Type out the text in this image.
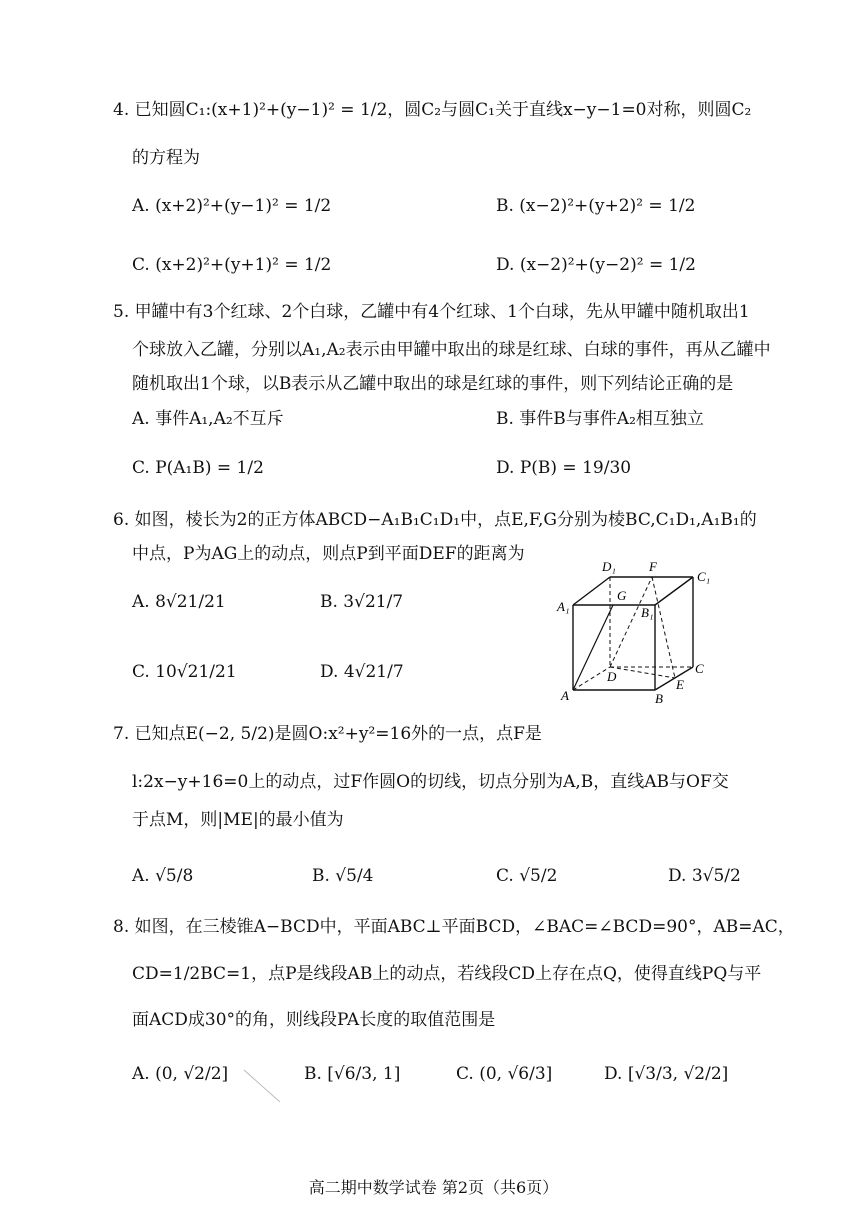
4. 已知圆C₁:(x+1)²+(y−1)² = 1/2，圆C₂与圆C₁关于直线x−y−1=0对称，则圆C₂
的方程为
A. (x+2)²+(y−1)² = 1/2	B. (x−2)²+(y+2)² = 1/2
C. (x+2)²+(y+1)² = 1/2	D. (x−2)²+(y−2)² = 1/2
5. 甲罐中有3个红球、2个白球，乙罐中有4个红球、1个白球，先从甲罐中随机取出1
个球放入乙罐，分别以A₁,A₂表示由甲罐中取出的球是红球、白球的事件，再从乙罐中
随机取出1个球，以B表示从乙罐中取出的球是红球的事件，则下列结论正确的是
A. 事件A₁,A₂不互斥	B. 事件B与事件A₂相互独立
C. P(A₁B) = 1/2	D. P(B) = 19/30
6. 如图，棱长为2的正方体ABCD−A₁B₁C₁D₁中，点E,F,G分别为棱BC,C₁D₁,A₁B₁的
中点，P为AG上的动点，则点P到平面DEF的距离为
A. 8√21/21	B. 3√21/7
C. 10√21/21	D. 4√21/7
D₁	F
C₁
A₁
G
B₁
D
C
A
E
B
7. 已知点E(−2, 5/2)是圆O:x²+y²=16外的一点，点F是
l:2x−y+16=0上的动点，过F作圆O的切线，切点分别为A,B，直线AB与OF交
于点M，则|ME|的最小值为
A. √5/8	B. √5/4	C. √5/2	D. 3√5/2
8. 如图，在三棱锥A−BCD中，平面ABC⊥平面BCD，∠BAC=∠BCD=90°，AB=AC，
CD=1/2BC=1，点P是线段AB上的动点，若线段CD上存在点Q，使得直线PQ与平
面ACD成30°的角，则线段PA长度的取值范围是
A. (0, √2/2]	B. [√6/3, 1]	C. (0, √6/3]	D. [√3/3, √2/2]
高二期中数学试卷 第2页（共6页）
